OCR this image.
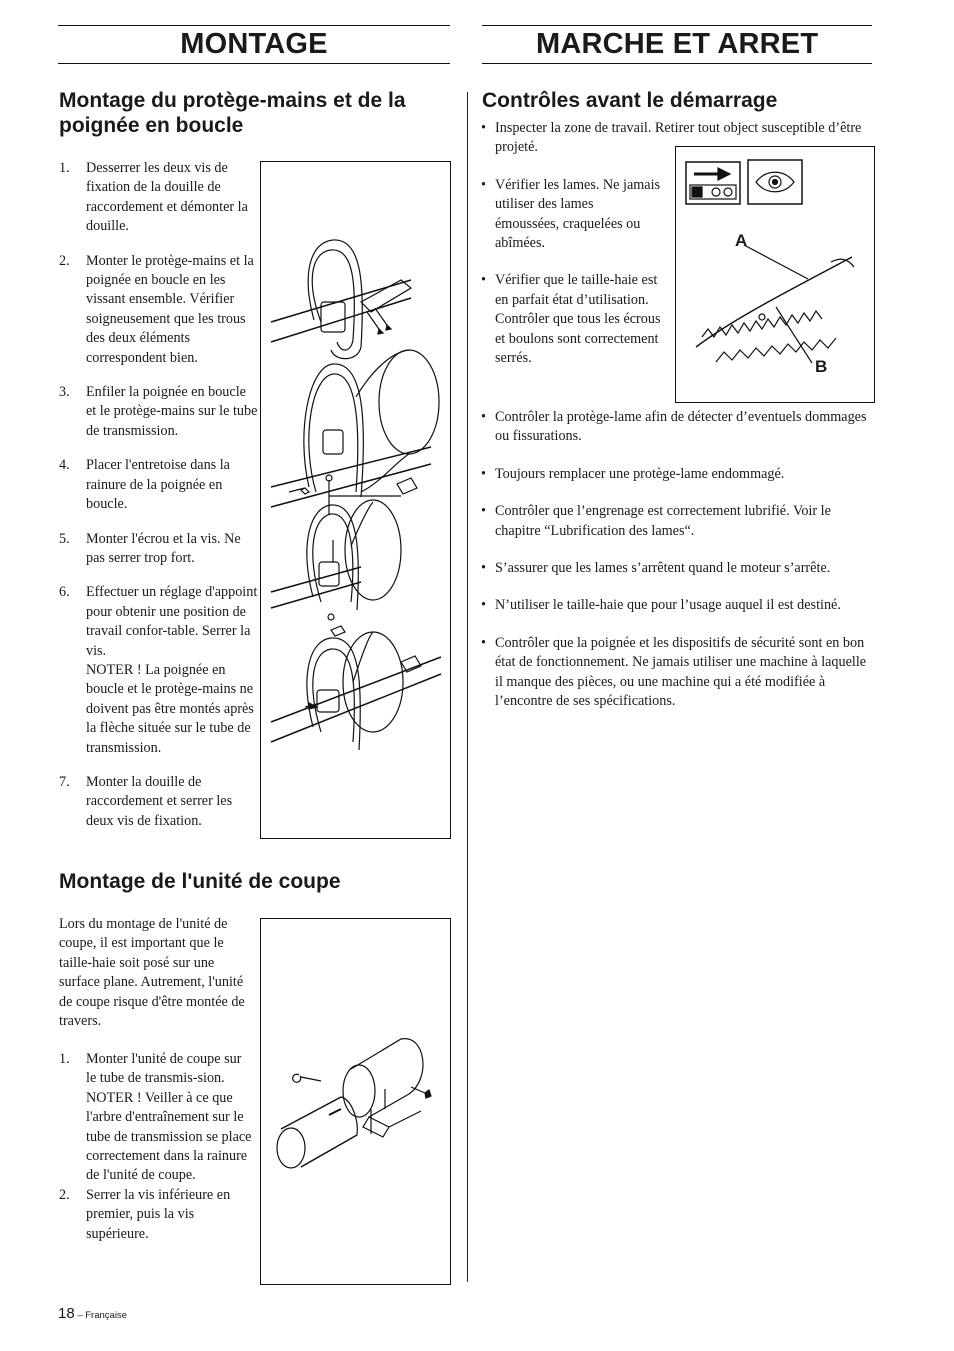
MONTAGE	MARCHE ET ARRET
Montage du protège-mains et de la poignée en boucle
1. Desserrer les deux vis de fixation de la douille de raccordement et démonter la douille.
2. Monter le protège-mains et la poignée en boucle en les vissant ensemble. Vérifier soigneusement que les trous des deux éléments correspondent bien.
3. Enfiler la poignée en boucle et le protège-mains sur le tube de transmission.
4. Placer l'entretoise dans la rainure de la poignée en boucle.
5. Monter l'écrou et la vis. Ne pas serrer trop fort.
6. Effectuer un réglage d'appoint pour obtenir une position de travail confor-table. Serrer la vis.
NOTER ! La poignée en boucle et le protège-mains ne doivent pas être montés après la flèche située sur le tube de transmission.
7. Monter la douille de raccordement et serrer les deux vis de fixation.
Montage de l'unité de coupe
Lors du montage de l'unité de coupe, il est important que le taille-haie soit posé sur une surface plane. Autrement, l'unité de coupe risque d'être montée de travers.
1. Monter l'unité de coupe sur le tube de transmis-sion.
NOTER ! Veiller à ce que l'arbre d'entraînement sur le tube de transmission se place correctement dans la rainure de l'unité de coupe.
2. Serrer la vis inférieure en premier, puis la vis supérieure.
Contrôles avant le démarrage
• Inspecter la zone de travail. Retirer tout object susceptible d’être projeté.
• Vérifier les lames. Ne jamais utiliser des lames émoussées, craquelées ou abîmées.
• Vérifier que le taille-haie est en parfait état d’utilisation. Contrôler que tous les écrous et boulons sont correctement serrés.
A
B
• Contrôler la protège-lame afin de détecter d’eventuels dommages ou fissurations.
• Toujours remplacer une protège-lame endommagé.
• Contrôler que l’engrenage est correctement lubrifié. Voir le chapitre “Lubrification des lames“.
• S’assurer que les lames s’arrêtent quand le moteur s’arrête.
• N’utiliser le taille-haie que pour l’usage auquel il est destiné.
• Contrôler que la poignée et les dispositifs de sécurité sont en bon état de fonctionnement. Ne jamais utiliser une machine à laquelle il manque des pièces, ou une machine qui a été modifiée à l’encontre de ses spécifications.
18 – Française
